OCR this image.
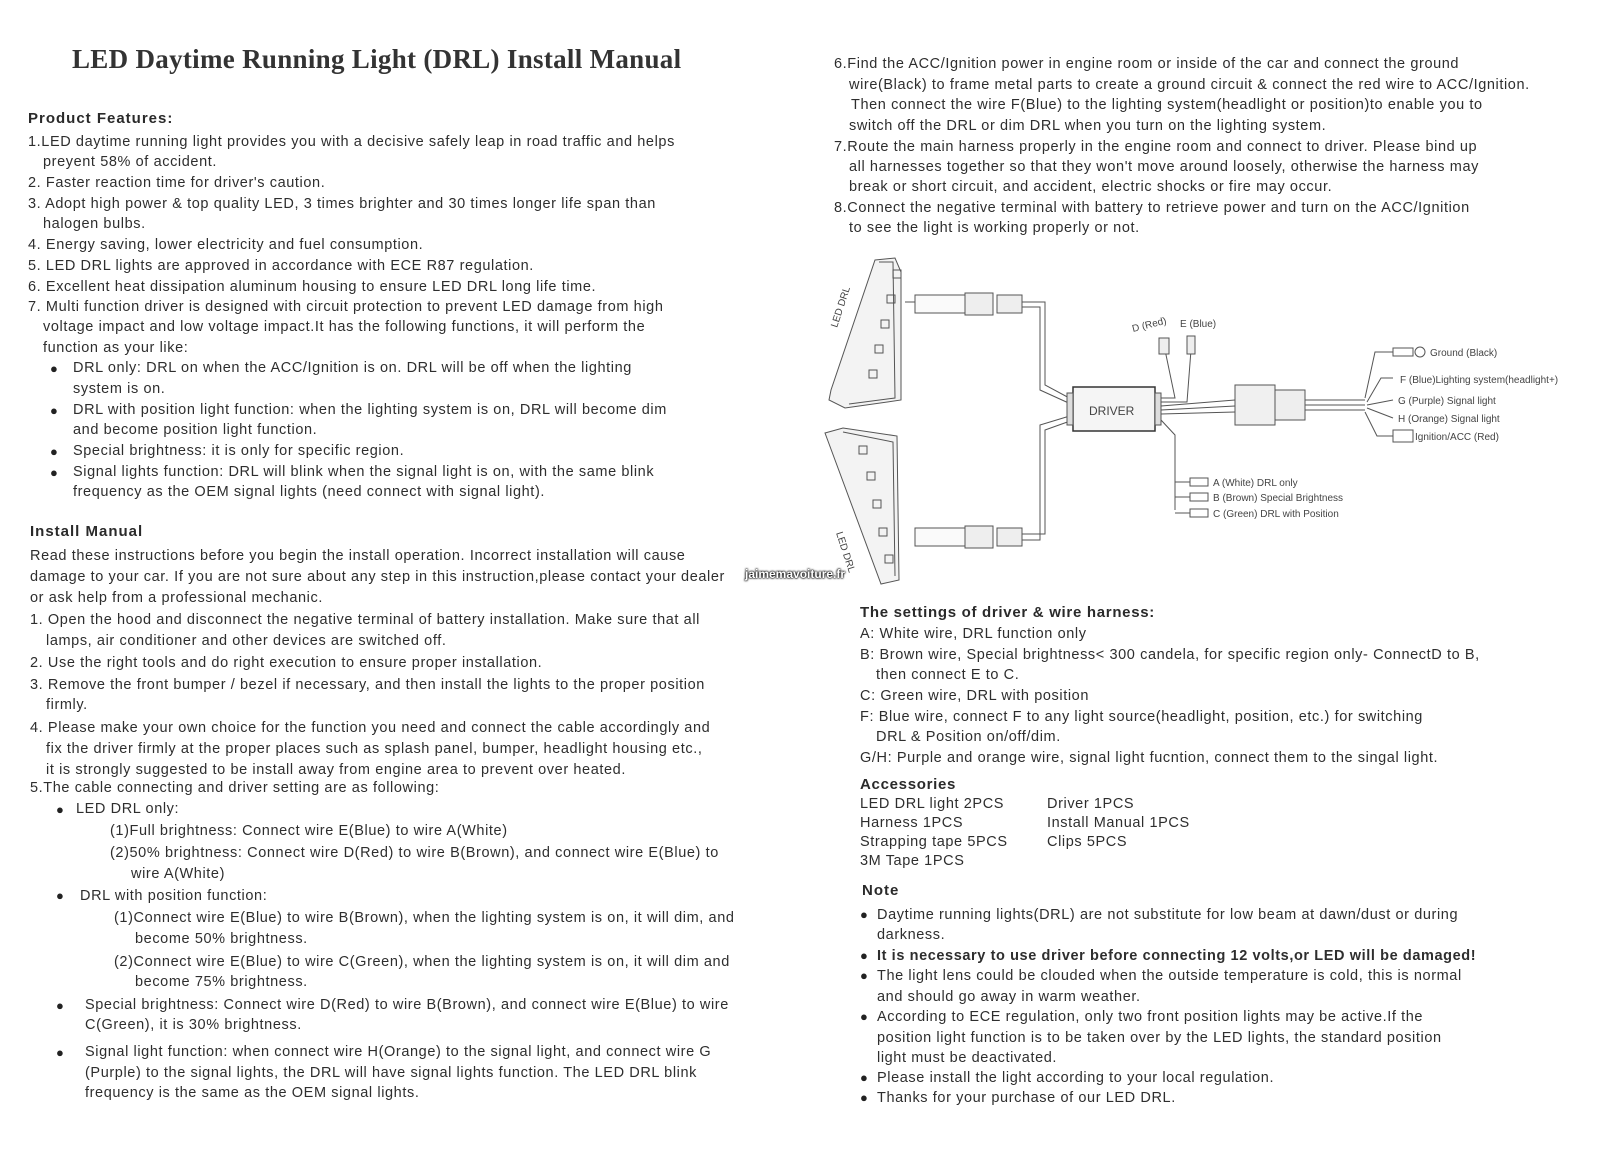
LED Daytime Running Light (DRL) Install Manual
Product Features:
1.LED daytime running light provides you with a decisive safely leap in road traffic and helps
preyent 58% of accident.
2. Faster reaction time for driver's caution.
3. Adopt high power & top quality LED, 3 times brighter and 30 times longer life span than
halogen bulbs.
4. Energy saving, lower electricity and fuel consumption.
5. LED DRL lights are approved in accordance with ECE R87 regulation.
6. Excellent heat dissipation aluminum housing to ensure LED DRL long life time.
7. Multi function driver is designed with circuit protection to prevent LED damage from high
voltage impact and low voltage impact.It has the following functions, it will perform the
function as your like:
● DRL only: DRL on when the ACC/Ignition is on. DRL will be off when the lighting
system is on.
● DRL with position light function: when the lighting system is on, DRL will become dim
and become position light function.
● Special brightness: it is only for specific region.
● Signal lights function: DRL will blink when the signal light is on, with the same blink
frequency as the OEM signal lights (need connect with signal light).
Install Manual
Read these instructions before you begin the install operation. Incorrect installation will cause
damage to your car. If you are not sure about any step in this instruction,please contact your dealer
or ask help from a professional mechanic.
jaimemavoiture.fr
1. Open the hood and disconnect the negative terminal of battery installation. Make sure that all
lamps, air conditioner and other devices are switched off.
2. Use the right tools and do right execution to ensure proper installation.
3. Remove the front bumper / bezel if necessary, and then install the lights to the proper position
firmly.
4. Please make your own choice for the function you need and connect the cable accordingly and
fix the driver firmly at the proper places such as splash panel, bumper, headlight housing etc.,
it is strongly suggested to be install away from engine area to prevent over heated.
5.The cable connecting and driver setting are as following:
● LED DRL only:
(1)Full brightness: Connect wire E(Blue) to wire A(White)
(2)50% brightness: Connect wire D(Red) to wire B(Brown), and connect wire E(Blue) to
wire A(White)
● DRL with position function:
(1)Connect wire E(Blue) to wire B(Brown), when the lighting system is on, it will dim, and
become 50% brightness.
(2)Connect wire E(Blue) to wire C(Green), when the lighting system is on, it will dim and
become 75% brightness.
● Special brightness: Connect wire D(Red) to wire B(Brown), and connect wire E(Blue) to wire
C(Green), it is 30% brightness.
● Signal light function: when connect wire H(Orange) to the signal light, and connect wire G
(Purple) to the signal lights, the DRL will have signal lights function. The LED DRL blink
frequency is the same as the OEM signal lights.
6.Find the ACC/Ignition power in engine room or inside of the car and connect the ground
wire(Black) to frame metal parts to create a ground circuit & connect the red wire to ACC/Ignition.
Then connect the wire F(Blue) to the lighting system(headlight or position)to enable you to
switch off the DRL or dim DRL when you turn on the lighting system.
7.Route the main harness properly in the engine room and connect to driver. Please bind up
all harnesses together so that they won't move around loosely, otherwise the harness may
break or short circuit, and accident, electric shocks or fire may occur.
8.Connect the negative terminal with battery to retrieve power and turn on the ACC/Ignition
to see the light is working properly or not.
DRIVER
LED DRL
LED DRL
D (Red) E (Blue)
Ground (Black)
F (Blue)Lighting system(headlight+)
G (Purple) Signal light
H (Orange) Signal light
Ignition/ACC (Red)
A (White) DRL only
B (Brown) Special Brightness
C (Green) DRL with Position
The settings of driver & wire harness:
A: White wire, DRL function only
B: Brown wire, Special brightness< 300 candela, for specific region only- ConnectD to B,
then connect E to C.
C: Green wire, DRL with position
F: Blue wire, connect F to any light source(headlight, position, etc.) for switching
DRL & Position on/off/dim.
G/H: Purple and orange wire, signal light fucntion, connect them to the singal light.
Accessories
LED DRL light 2PCS
Harness 1PCS
Strapping tape 5PCS
3M Tape 1PCS
Driver 1PCS
Install Manual 1PCS
Clips 5PCS
Note
● Daytime running lights(DRL) are not substitute for low beam at dawn/dust or during
darkness.
● It is necessary to use driver before connecting 12 volts,or LED will be damaged!
● The light lens could be clouded when the outside temperature is cold, this is normal
and should go away in warm weather.
● According to ECE regulation, only two front position lights may be active.If the
position light function is to be taken over by the LED lights, the standard position
light must be deactivated.
● Please install the light according to your local regulation.
● Thanks for your purchase of our LED DRL.
